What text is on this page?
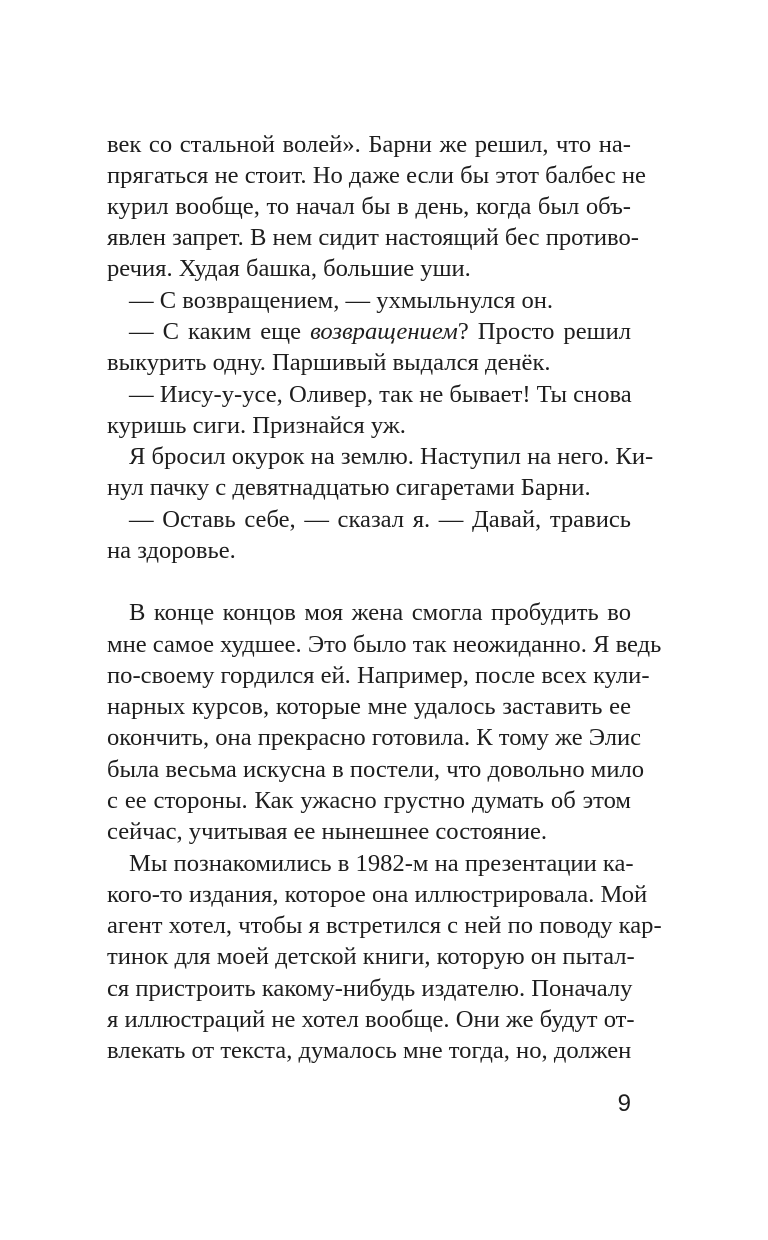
век со стальной волей». Барни же решил, что на-
прягаться не стоит. Но даже если бы этот балбес не
курил вообще, то начал бы в день, когда был объ-
явлен запрет. В нем сидит настоящий бес противо-
речия. Худая башка, большие уши.
— С возвращением, — ухмыльнулся он.
— С каким еще возвращением? Просто решил
выкурить одну. Паршивый выдался денёк.
— Иису-у-усе, Оливер, так не бывает! Ты снова
куришь сиги. Признайся уж.
Я бросил окурок на землю. Наступил на него. Ки-
нул пачку с девятнадцатью сигаретами Барни.
— Оставь себе, — сказал я. — Давай, травись
на здоровье.
В конце концов моя жена смогла пробудить во
мне самое худшее. Это было так неожиданно. Я ведь
по-своему гордился ей. Например, после всех кули-
нарных курсов, которые мне удалось заставить ее
окончить, она прекрасно готовила. К тому же Элис
была весьма искусна в постели, что довольно мило
с ее стороны. Как ужасно грустно думать об этом
сейчас, учитывая ее нынешнее состояние.
Мы познакомились в 1982-м на презентации ка-
кого-то издания, которое она иллюстрировала. Мой
агент хотел, чтобы я встретился с ней по поводу кар-
тинок для моей детской книги, которую он пытал-
ся пристроить какому-нибудь издателю. Поначалу
я иллюстраций не хотел вообще. Они же будут от-
влекать от текста, думалось мне тогда, но, должен
9
